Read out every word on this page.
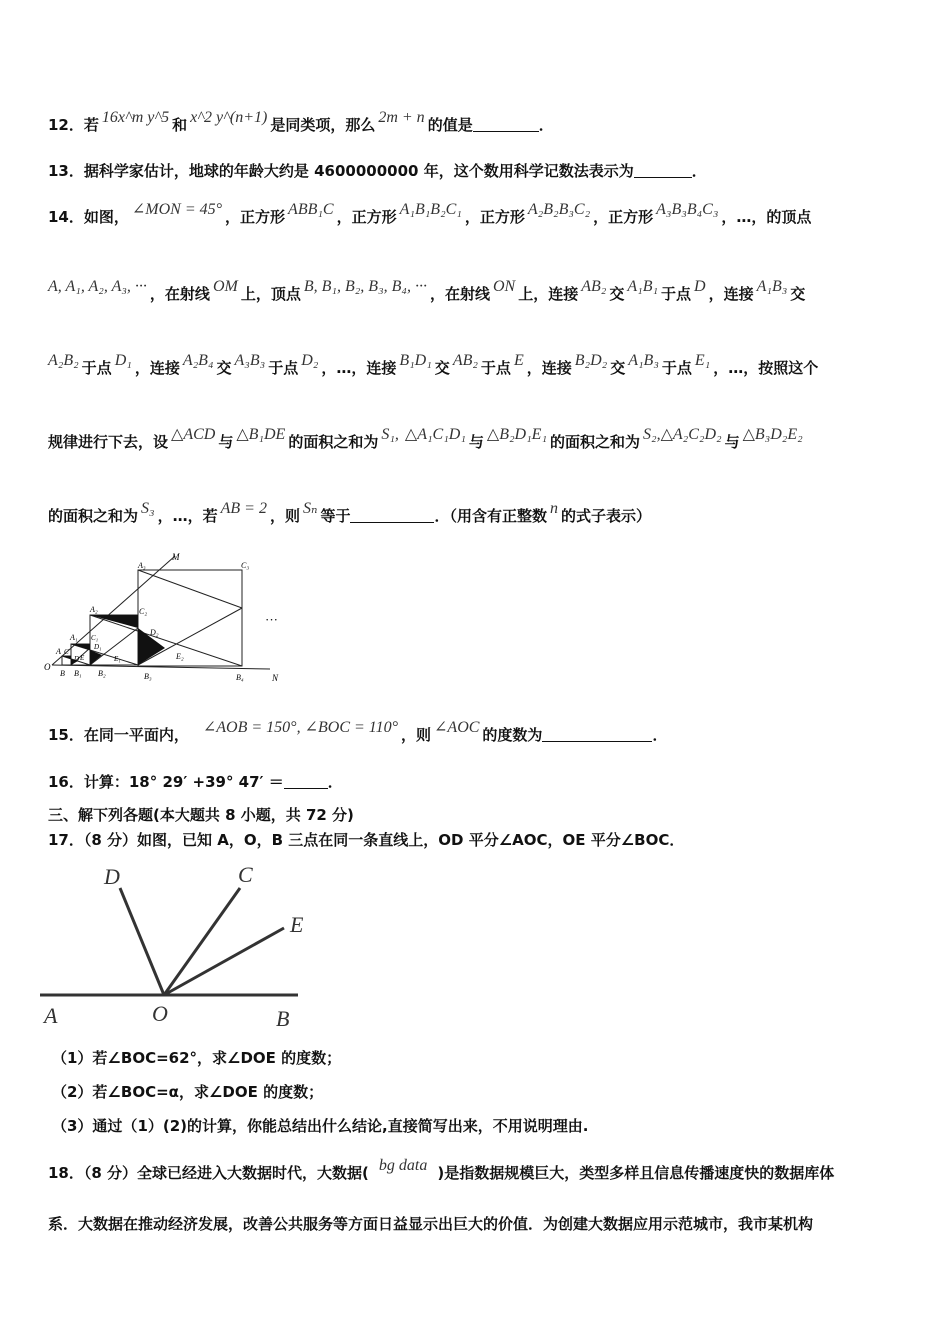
12．若 16x^m y^5 和 x^2 y^(n+1) 是同类项，那么 2m + n 的值是	．
13．据科学家估计，地球的年龄大约是 4600000000 年，这个数用科学记数法表示为	．
14．如图， ∠MON = 45° ，正方形 ABB₁C ，正方形 A₁B₁B₂C₁ ，正方形 A₂B₂B₃C₂ ，正方形 A₃B₃B₄C₃ ，…，的顶点
A, A₁, A₂, A₃, ··· ，在射线 OM 上，顶点 B, B₁, B₂, B₃, B₄, ··· ，在射线 ON 上，连接 AB₂ 交 A₁B₁ 于点 D ，连接 A₁B₃ 交
A₂B₂ 于点 D₁ ，连接 A₂B₄ 交 A₃B₃ 于点 D₂ ，…，连接 B₁D₁ 交 AB₂ 于点 E ，连接 B₂D₂ 交 A₁B₃ 于点 E₁ ，…，按照这个
规律进行下去，设 △ACD 与 △B₁DE 的面积之和为 S₁, △A₁C₁D₁ 与 △B₂D₁E₁ 的面积之和为 S₂,△A₂C₂D₂ 与 △B₃D₂E₂
的面积之和为 S₃ ，…，若 AB = 2 ，则 Sₙ 等于	．（用含有正整数 n 的式子表示）
M
N
O
A
A₁
A₂
A₃
B B₁ B₂	B₃	B₄
C
C₁
C₂
C₃
D
D₁
D₂
E	E₁	E₂
···
15．在同一平面内， ∠AOB = 150°, ∠BOC = 110° ，则 ∠AOC 的度数为	．
16．计算：18° 29′ +39° 47′ ＝	．
三、解下列各题(本大题共 8 小题，共 72 分)
17．（8 分）如图，已知 A，O，B 三点在同一条直线上，OD 平分∠AOC，OE 平分∠BOC．
D	C
E
A	O	B
（1）若∠BOC=62°，求∠DOE 的度数；
（2）若∠BOC=α，求∠DOE 的度数；
（3）通过（1）(2)的计算，你能总结出什么结论,直接简写出来，不用说明理由.
18．（8 分）全球已经进入大数据时代，大数据( bg data )是指数据规模巨大，类型多样且信息传播速度快的数据库体
系．大数据在推动经济发展，改善公共服务等方面日益显示出巨大的价值．为创建大数据应用示范城市，我市某机构
